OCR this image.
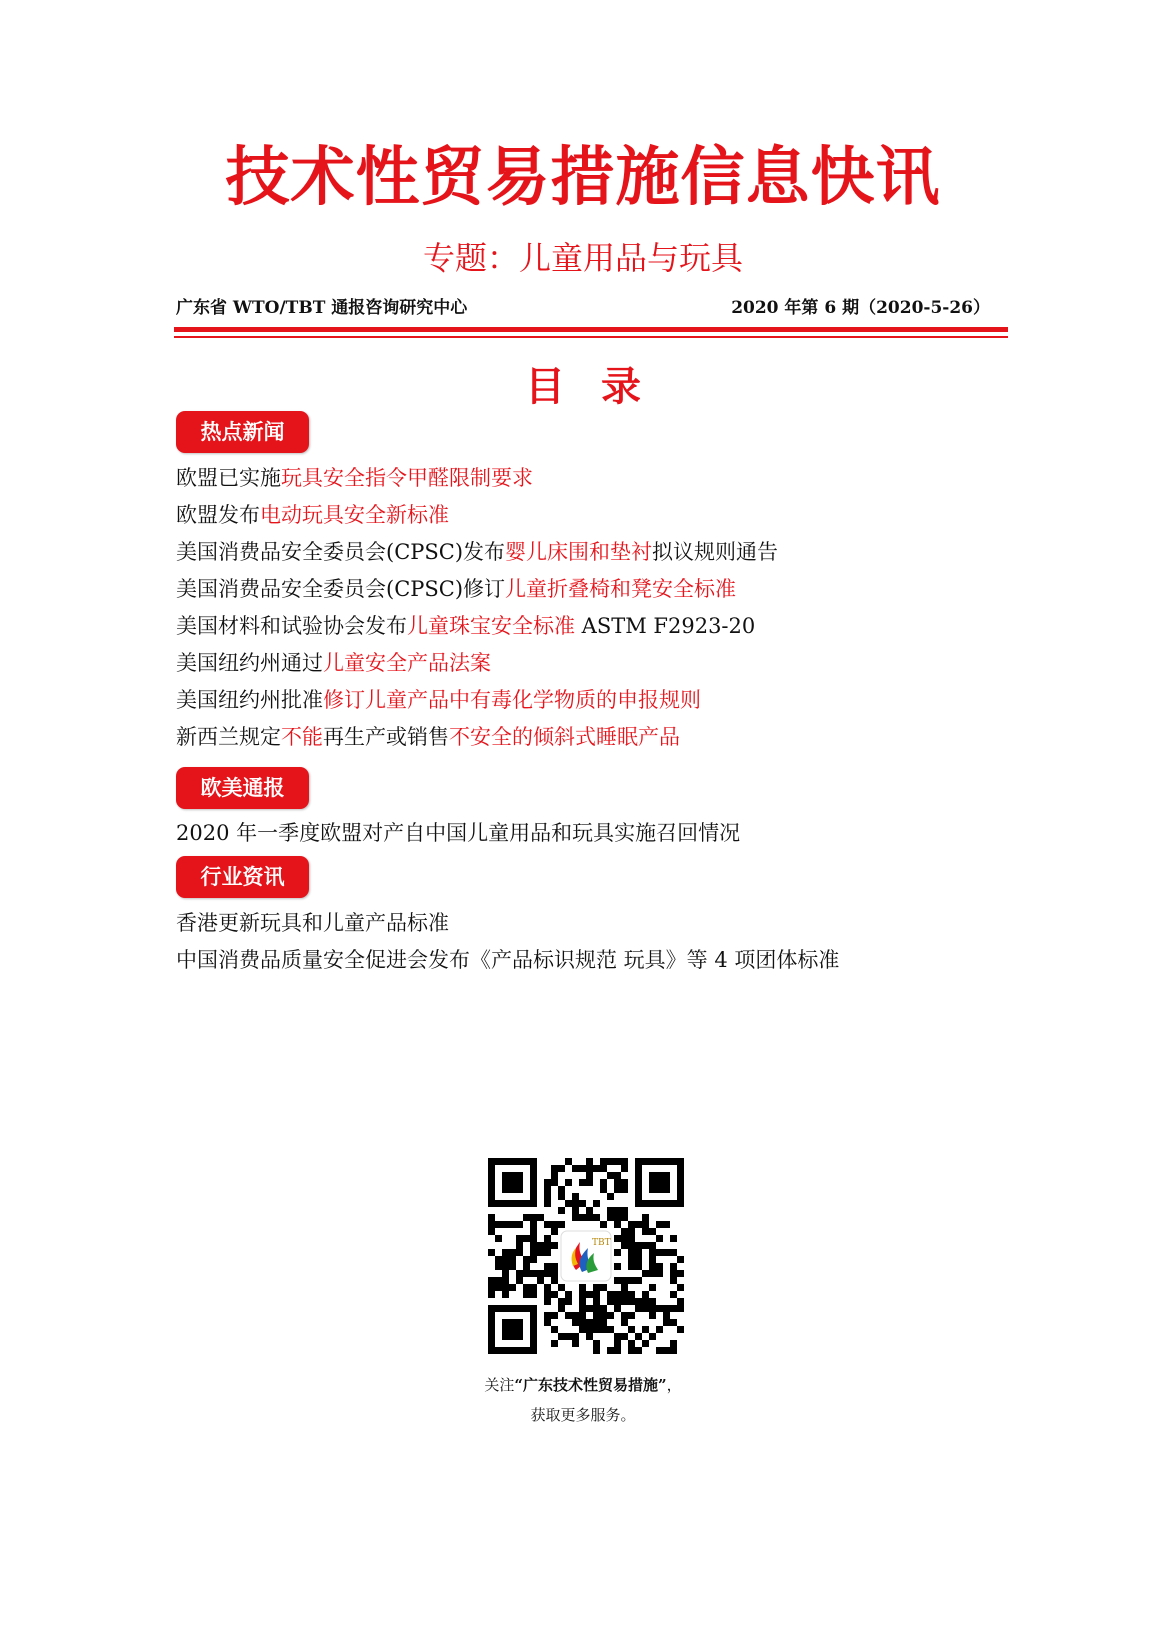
技术性贸易措施信息快讯
专题：儿童用品与玩具
广东省 WTO/TBT 通报咨询研究中心	2020 年第 6 期（2020-5-26）
目录
热点新闻
欧盟已实施玩具安全指令甲醛限制要求
欧盟发布电动玩具安全新标准
美国消费品安全委员会(CPSC)发布婴儿床围和垫衬拟议规则通告
美国消费品安全委员会(CPSC)修订儿童折叠椅和凳安全标准
美国材料和试验协会发布儿童珠宝安全标准 ASTM F2923-20
美国纽约州通过儿童安全产品法案
美国纽约州批准修订儿童产品中有毒化学物质的申报规则
新西兰规定不能再生产或销售不安全的倾斜式睡眠产品
欧美通报
2020 年一季度欧盟对产自中国儿童用品和玩具实施召回情况
行业资讯
香港更新玩具和儿童产品标准
中国消费品质量安全促进会发布《产品标识规范 玩具》等 4 项团体标准
TBT
关注“广东技术性贸易措施”，
获取更多服务。
